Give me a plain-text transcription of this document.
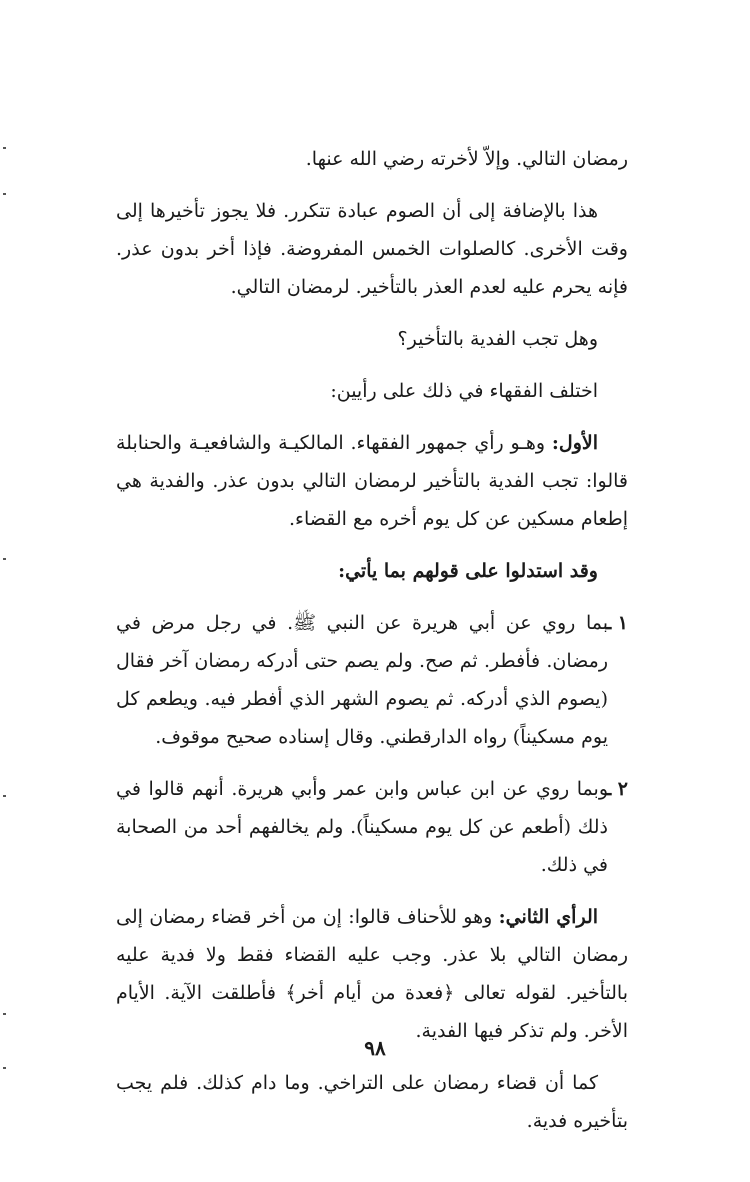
رمضان التالي. وإلاّ لأخرته رضي الله عنها.

هذا بالإضافة إلى أن الصوم عبادة تتكرر. فلا يجوز تأخيرها إلى وقت الأخرى. كالصلوات الخمس المفروضة. فإذا أخر بدون عذر. فإنه يحرم عليه لعدم العذر بالتأخير. لرمضان التالي.

وهل تجب الفدية بالتأخير؟

اختلف الفقهاء في ذلك على رأيين:

الأول: وهـو رأي جمهور الفقهاء. المالكيـة والشافعيـة والحنابلة قالوا: تجب الفدية بالتأخير لرمضان التالي بدون عذر. والفدية هي إطعام مسكين عن كل يوم أخره مع القضاء.

وقد استدلوا على قولهم بما يأتي:

١ ـ

بما روي عن أبي هريرة عن النبي ﷺ. في رجل مرض في رمضان. فأفطر. ثم صح. ولم يصم حتى أدركه رمضان آخر فقال (يصوم الذي أدركه. ثم يصوم الشهر الذي أفطر فيه. ويطعم كل يوم مسكيناً) رواه الدارقطني. وقال إسناده صحيح موقوف.

٢ ـ

وبما روي عن ابن عباس وابن عمر وأبي هريرة. أنهم قالوا في ذلك (أطعم عن كل يوم مسكيناً). ولم يخالفهم أحد من الصحابة في ذلك.

الرأي الثاني: وهو للأحناف قالوا: إن من أخر قضاء رمضان إلى رمضان التالي بلا عذر. وجب عليه القضاء فقط ولا فدية عليه بالتأخير. لقوله تعالى ﴿فعدة من أيام أخر﴾ فأطلقت الآية. الأيام الأخر. ولم تذكر فيها الفدية.

كما أن قضاء رمضان على التراخي. وما دام كذلك. فلم يجب بتأخيره فدية.

٩٨
